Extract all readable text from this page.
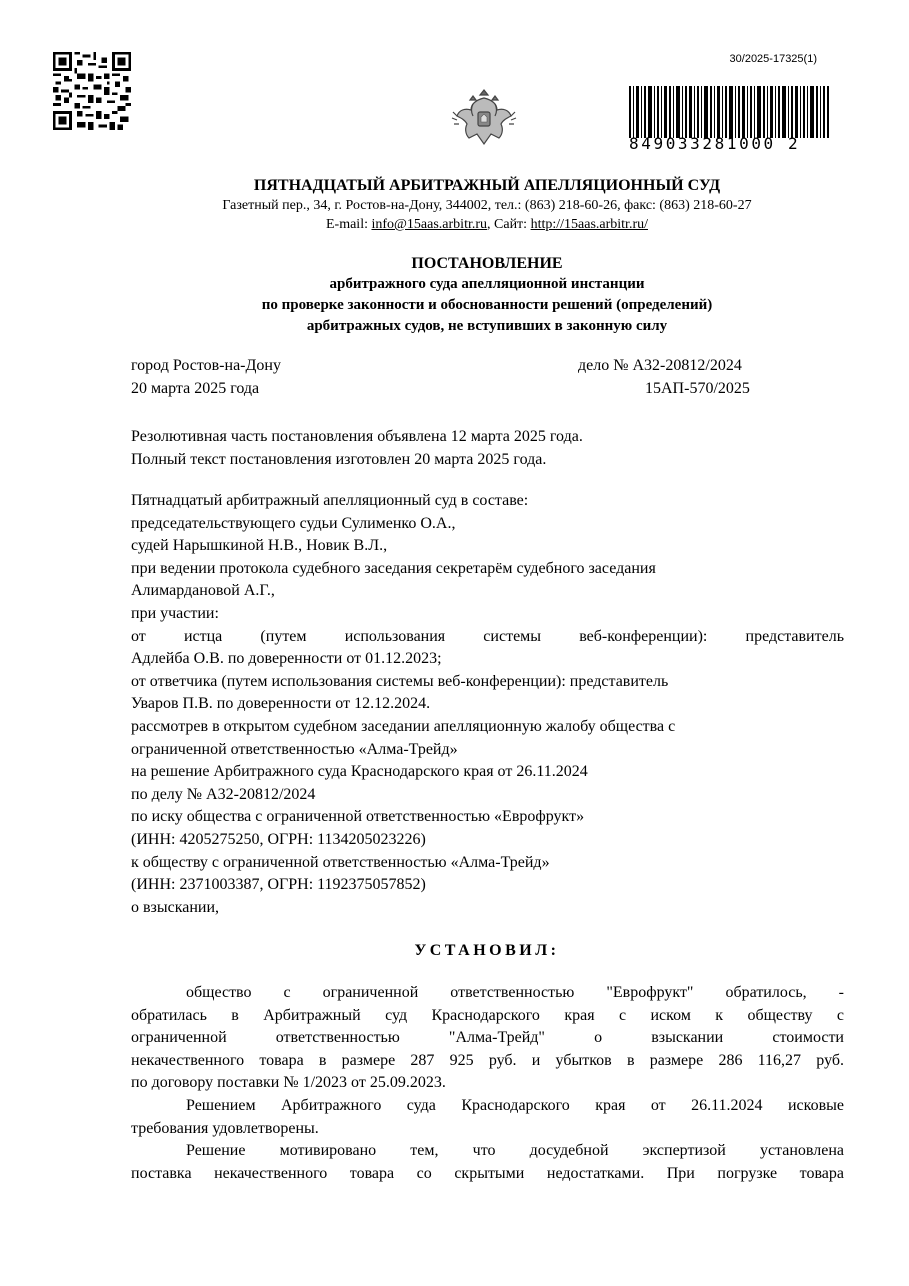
30/2025-17325(1)
849033281000 2
ПЯТНАДЦАТЫЙ АРБИТРАЖНЫЙ АПЕЛЛЯЦИОННЫЙ СУД
Газетный пер., 34, г. Ростов-на-Дону, 344002, тел.: (863) 218-60-26, факс: (863) 218-60-27
E-mail: info@15aas.arbitr.ru, Сайт: http://15aas.arbitr.ru/
ПОСТАНОВЛЕНИЕ
арбитражного суда апелляционной инстанции
по проверке законности и обоснованности решений (определений)
арбитражных судов, не вступивших в законную силу
город Ростов-на-Дону
20 марта 2025 года
дело № А32-20812/2024
15АП-570/2025
Резолютивная часть постановления объявлена 12 марта 2025 года.
Полный текст постановления изготовлен 20 марта 2025 года.
Пятнадцатый арбитражный апелляционный суд в составе:
председательствующего судьи Сулименко О.А.,
судей Нарышкиной Н.В., Новик В.Л.,
при ведении протокола судебного заседания секретарём судебного заседания
Алимардановой А.Г.,
при участии:
от истца (путем использования системы веб-конференции): представитель
Адлейба О.В. по доверенности от 01.12.2023;
от ответчика (путем использования системы веб-конференции): представитель
Уваров П.В. по доверенности от 12.12.2024.
рассмотрев в открытом судебном заседании апелляционную жалобу общества с
ограниченной ответственностью «Алма-Трейд»
на решение Арбитражного суда Краснодарского края от 26.11.2024
по делу № А32-20812/2024
по иску общества с ограниченной ответственностью «Еврофрукт»
(ИНН: 4205275250, ОГРН: 1134205023226)
к обществу с ограниченной ответственностью «Алма-Трейд»
(ИНН: 2371003387, ОГРН: 1192375057852)
о взыскании,
УСТАНОВИЛ:

общество с ограниченной ответственностью "Еврофрукт" обратилось, -

обратилась в Арбитражный суд Краснодарского края с иском к обществу с

ограниченной ответственностью "Алма-Трейд" о взыскании стоимости

некачественного товара в размере 287 925 руб. и убытков в размере 286 116,27 руб.

по договору поставки № 1/2023 от 25.09.2023.

Решением Арбитражного суда Краснодарского края от 26.11.2024 исковые

требования удовлетворены.

Решение мотивировано тем, что досудебной экспертизой установлена

поставка некачественного товара со скрытыми недостатками. При погрузке товара
